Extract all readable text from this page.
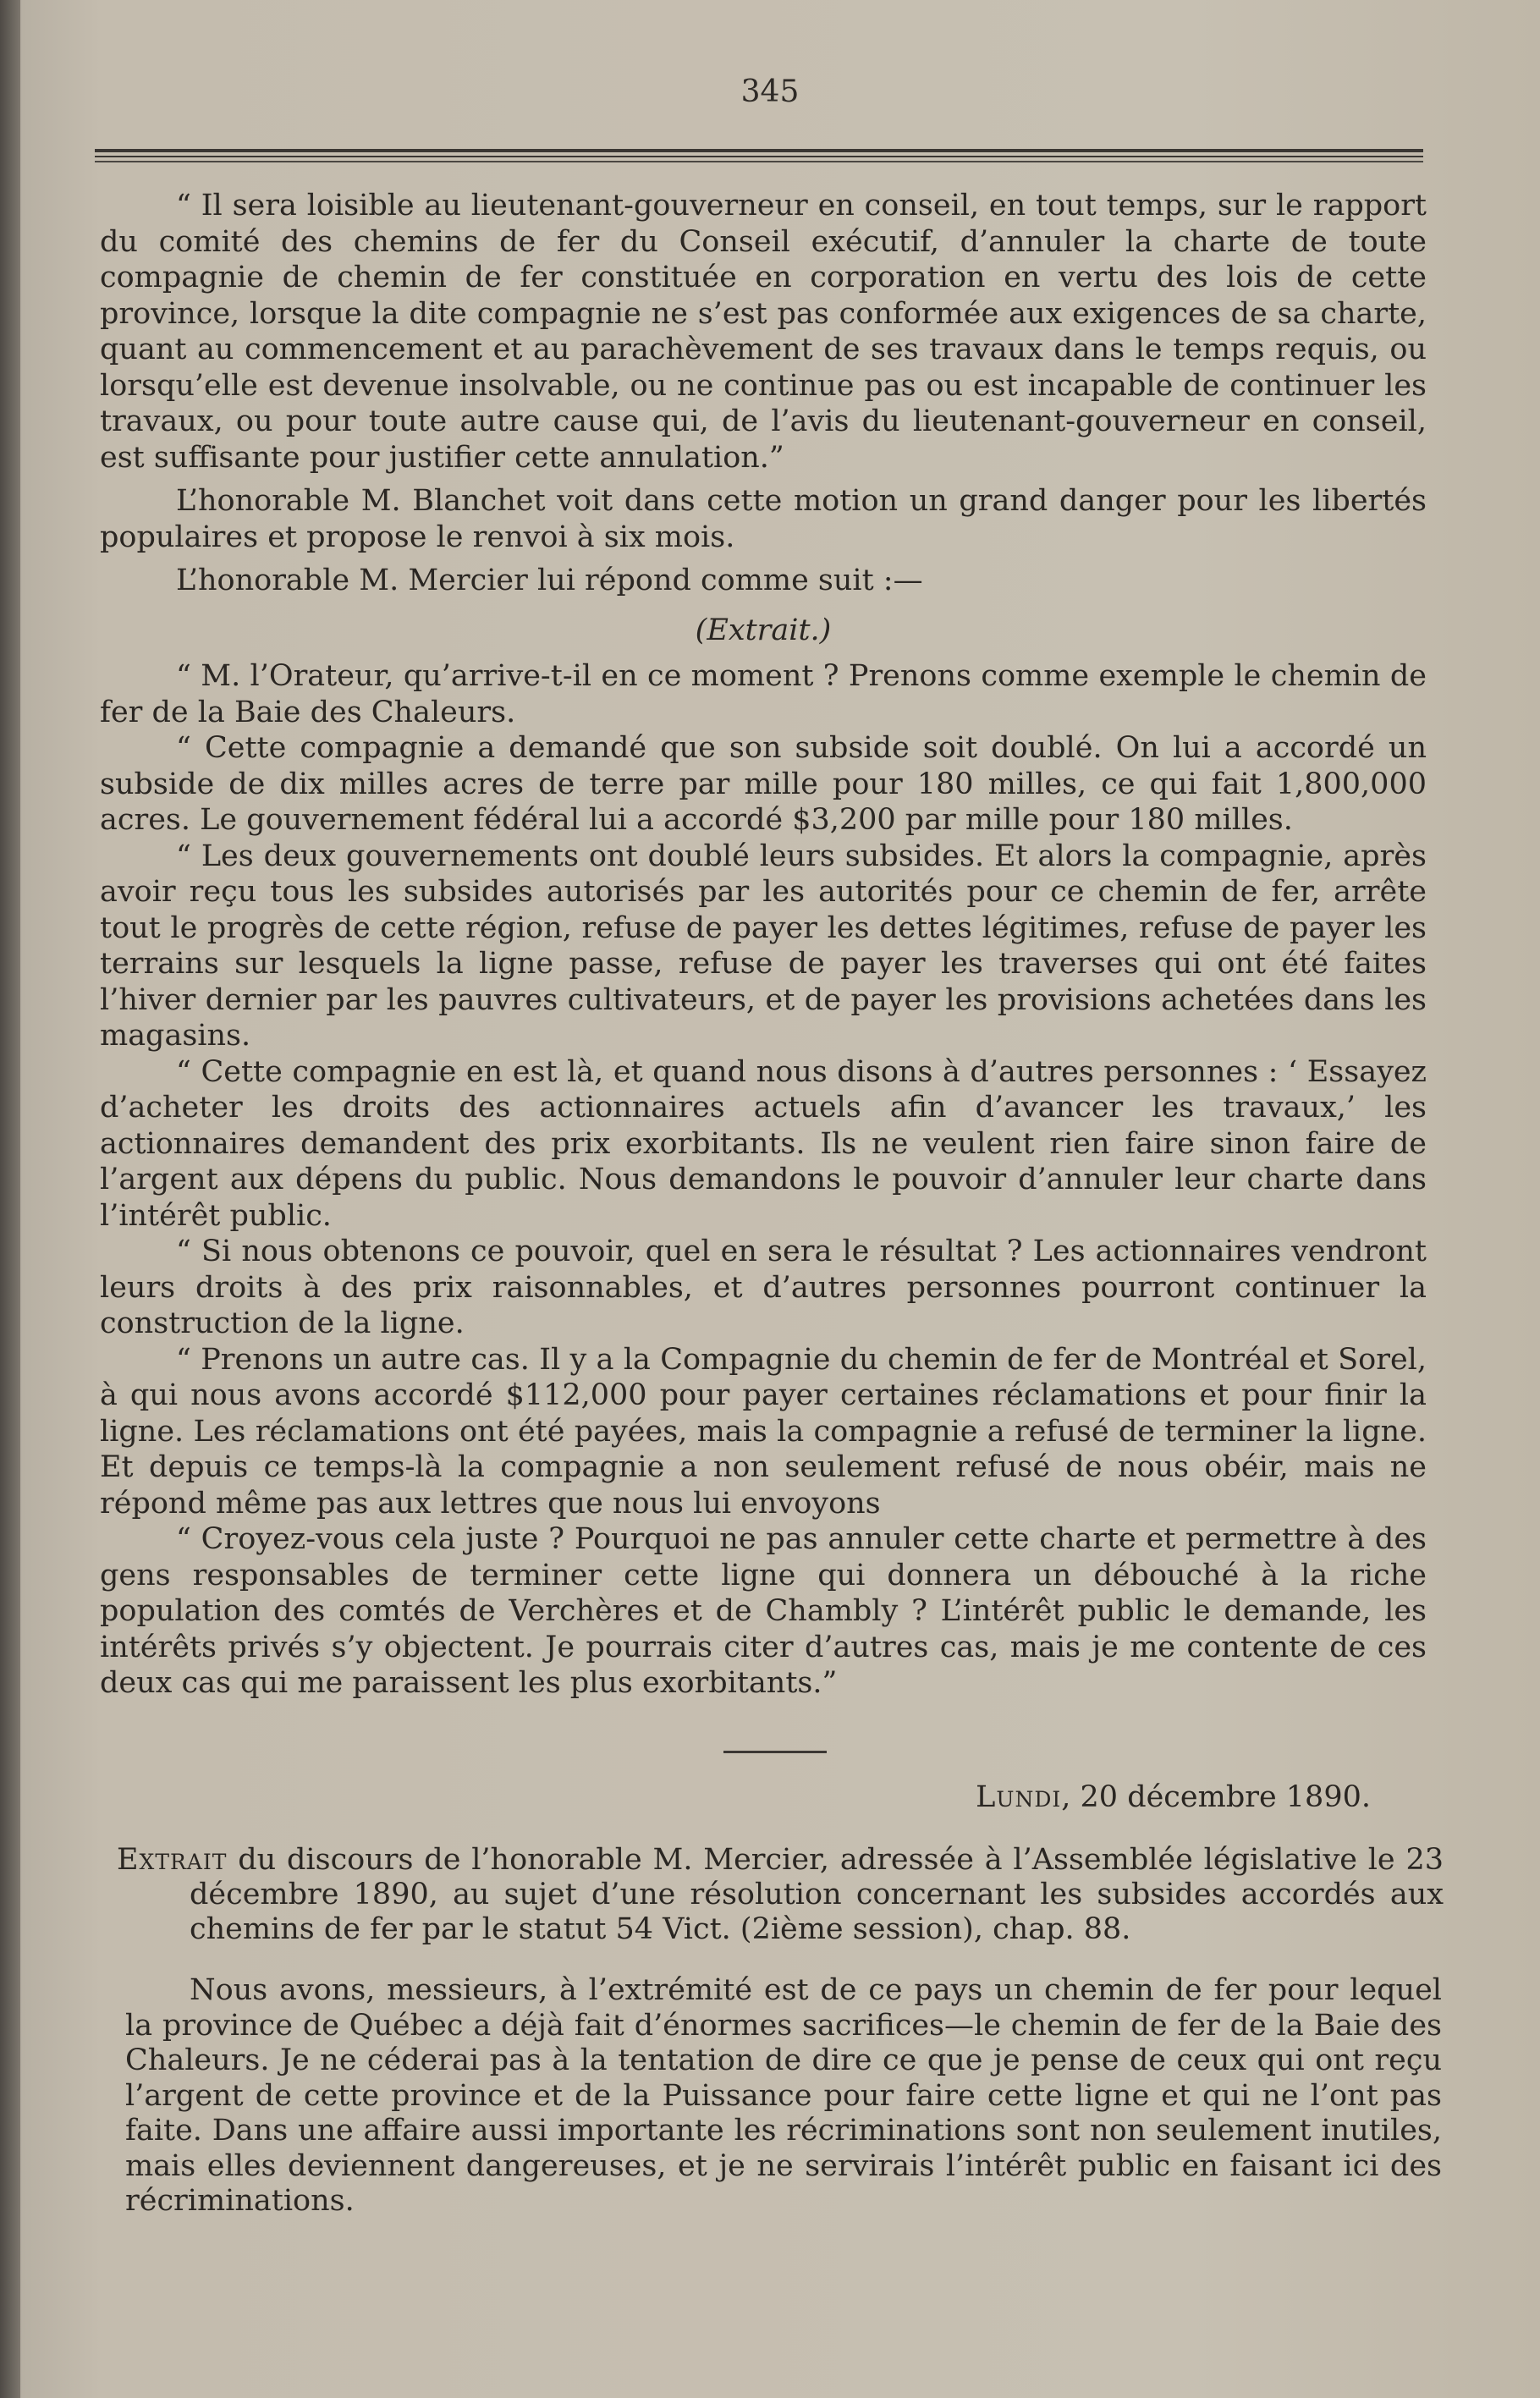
345

“ Il sera loisible au lieutenant-gouverneur en conseil, en tout temps, sur le rapport du comité des chemins de fer du Conseil exécutif, d’annuler la charte de toute compagnie de chemin de fer constituée en corporation en vertu des lois de cette province, lorsque la dite compagnie ne s’est pas conformée aux exigences de sa charte, quant au commencement et au parachèvement de ses travaux dans le temps requis, ou lorsqu’elle est devenue insolvable, ou ne continue pas ou est incapable de continuer les travaux, ou pour toute autre cause qui, de l’avis du lieutenant-gouverneur en conseil, est suffisante pour justifier cette annulation.”

L’honorable M. Blanchet voit dans cette motion un grand danger pour les libertés populaires et propose le renvoi à six mois.

L’honorable M. Mercier lui répond comme suit :—

(Extrait.)

“ M. l’Orateur, qu’arrive-t-il en ce moment ? Prenons comme exemple le chemin de fer de la Baie des Chaleurs.

“ Cette compagnie a demandé que son subside soit doublé. On lui a accordé un subside de dix milles acres de terre par mille pour 180 milles, ce qui fait 1,800,000 acres. Le gouvernement fédéral lui a accordé $3,200 par mille pour 180 milles.

“ Les deux gouvernements ont doublé leurs subsides. Et alors la compagnie, après avoir reçu tous les subsides autorisés par les autorités pour ce chemin de fer, arrête tout le progrès de cette région, refuse de payer les dettes légitimes, refuse de payer les terrains sur lesquels la ligne passe, refuse de payer les traverses qui ont été faites l’hiver dernier par les pauvres cultivateurs, et de payer les provisions achetées dans les magasins.

“ Cette compagnie en est là, et quand nous disons à d’autres personnes : ‘ Essayez d’acheter les droits des actionnaires actuels afin d’avancer les travaux,’ les actionnaires demandent des prix exorbitants. Ils ne veulent rien faire sinon faire de l’argent aux dépens du public. Nous demandons le pouvoir d’annuler leur charte dans l’intérêt public.

“ Si nous obtenons ce pouvoir, quel en sera le résultat ? Les actionnaires vendront leurs droits à des prix raisonnables, et d’autres personnes pourront continuer la construction de la ligne.

“ Prenons un autre cas. Il y a la Compagnie du chemin de fer de Montréal et Sorel, à qui nous avons accordé $112,000 pour payer certaines réclamations et pour finir la ligne. Les réclamations ont été payées, mais la compagnie a refusé de terminer la ligne. Et depuis ce temps-là la compagnie a non seulement refusé de nous obéir, mais ne répond même pas aux lettres que nous lui envoyons

“ Croyez-vous cela juste ? Pourquoi ne pas annuler cette charte et permettre à des gens responsables de terminer cette ligne qui donnera un débouché à la riche population des comtés de Verchères et de Chambly ? L’intérêt public le demande, les intérêts privés s’y objectent. Je pourrais citer d’autres cas, mais je me contente de ces deux cas qui me paraissent les plus exorbitants.”

Lundi, 20 décembre 1890.

Extrait du discours de l’honorable M. Mercier, adressée à l’Assemblée législative le 23 décembre 1890, au sujet d’une résolution concernant les subsides accordés aux chemins de fer par le statut 54 Vict. (2ième session), chap. 88.

Nous avons, messieurs, à l’extrémité est de ce pays un chemin de fer pour lequel la province de Québec a déjà fait d’énormes sacrifices—le chemin de fer de la Baie des Chaleurs. Je ne céderai pas à la tentation de dire ce que je pense de ceux qui ont reçu l’argent de cette province et de la Puissance pour faire cette ligne et qui ne l’ont pas faite. Dans une affaire aussi importante les récriminations sont non seulement inutiles, mais elles deviennent dangereuses, et je ne servirais l’intérêt public en faisant ici des récriminations.
